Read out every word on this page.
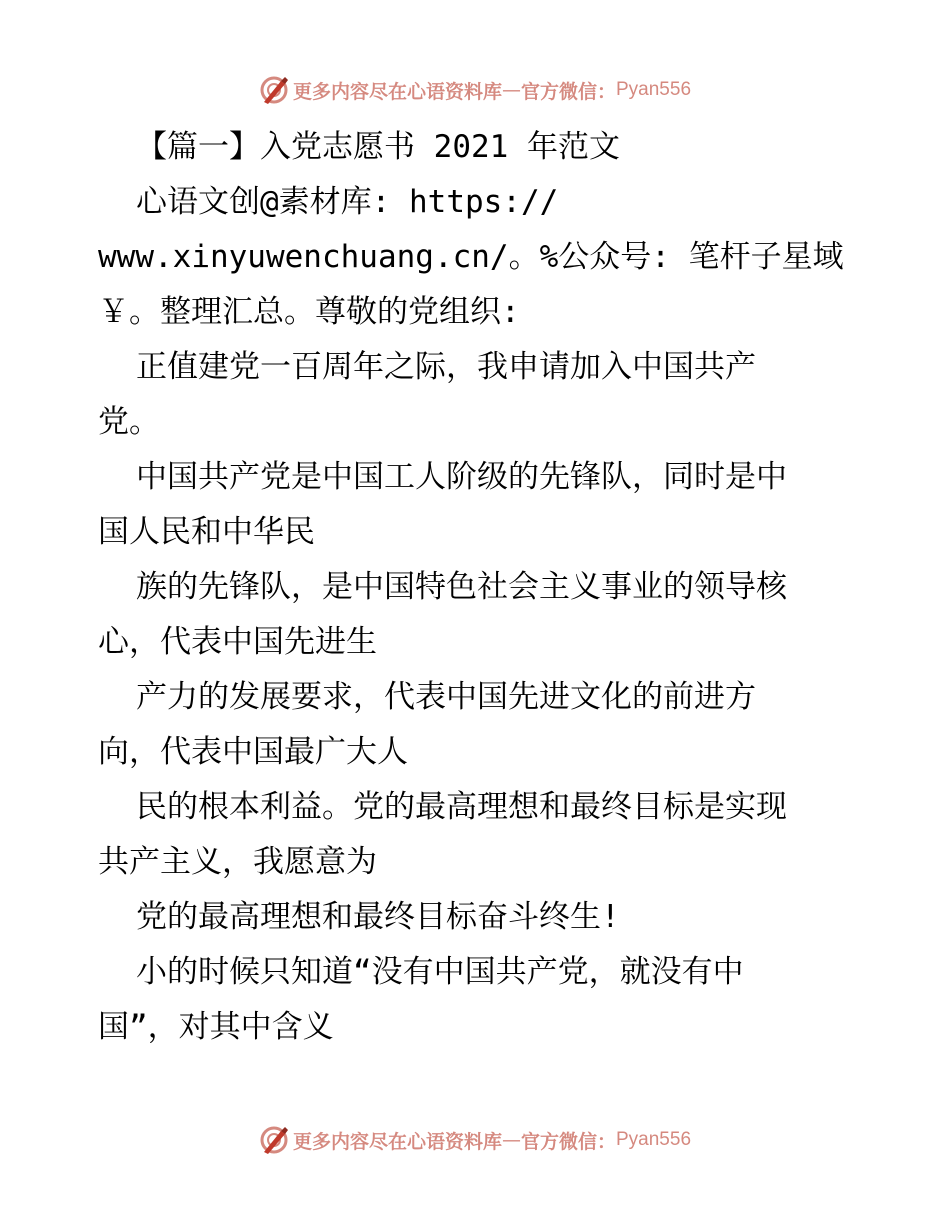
更多内容尽在心语资料库 — 官方微信： Pyan556
【篇一】入党志愿书 2021 年范文
心语文创@素材库: https://
www.xinyuwenchuang.cn/。%公众号: 笔杆子星域
￥。整理汇总。尊敬的党组织:
正值建党一百周年之际，我申请加入中国共产
党。
中国共产党是中国工人阶级的先锋队，同时是中
国人民和中华民
族的先锋队，是中国特色社会主义事业的领导核
心，代表中国先进生
产力的发展要求，代表中国先进文化的前进方
向，代表中国最广大人
民的根本利益。党的最高理想和最终目标是实现
共产主义，我愿意为
党的最高理想和最终目标奋斗终生!
小的时候只知道“没有中国共产党，就没有中
国”，对其中含义
更多内容尽在心语资料库 — 官方微信： Pyan556
